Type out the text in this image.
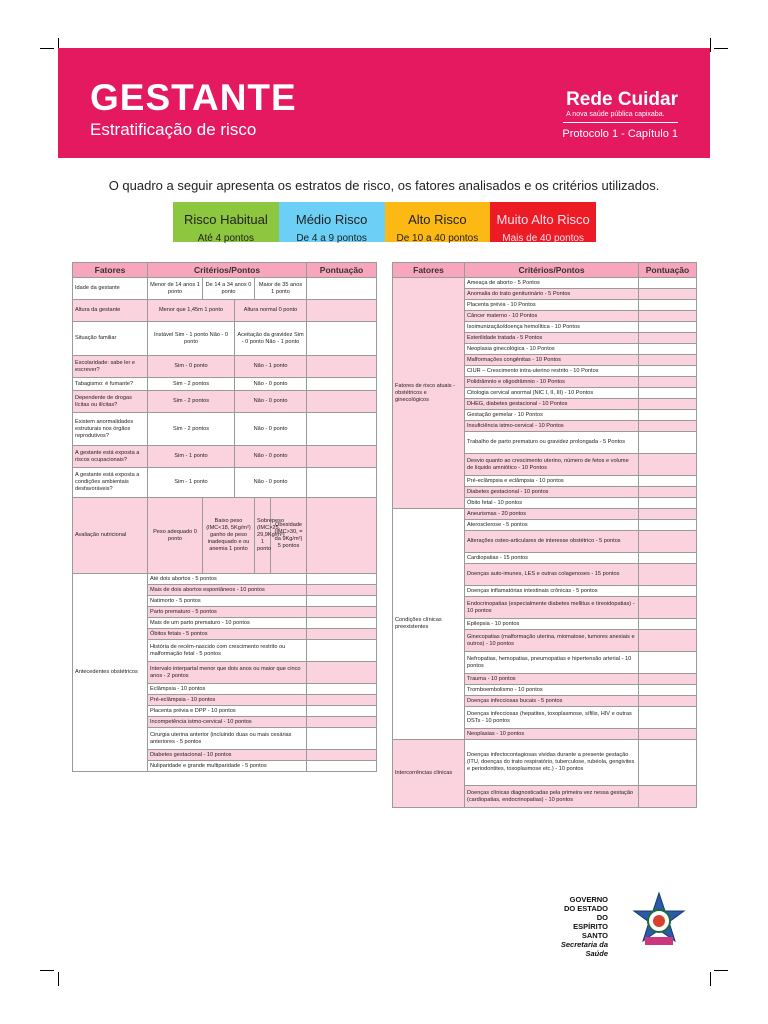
GESTANTE
Estratificação de risco
Rede Cuidar
A nova saúde pública capixaba.
Protocolo 1 - Capítulo 1
O quadro a seguir apresenta os estratos de risco, os fatores analisados e os critérios utilizados.
Risco Habitual
Até 4 pontos
Médio Risco
De 4 a 9 pontos
Alto Risco
De 10 a 40 pontos
Muito Alto Risco
Mais de 40 pontos
Fatores	Critérios/Pontos					Pontuação
Idade da gestante	Menor de 14 anos 1 ponto	De 14 a 34 anos 0 ponto		Maior de 35 anos 1 ponto		
Altura da gestante	Menor que 1,45m 1 ponto		Altura normal 0 ponto			
Situação familiar	Instável Sim - 1 ponto Não - 0 ponto		Aceitação da gravidez Sim - 0 ponto Não - 1 ponto			
Escolaridade: sabe ler e escrever?	Sim - 0 ponto		Não - 1 ponto			
Tabagismo: é fumante?	Sim - 2 pontos		Não - 0 ponto			
Dependente de drogas lícitas ou ilícitas?	Sim - 2 pontos		Não - 0 ponto			
Existem anormalidades estruturais nos órgãos reprodutivos?	Sim - 2 pontos		Não - 0 ponto			
A gestante está exposta a riscos ocupacionais?	Sim - 1 ponto		Não - 0 ponto			
A gestante está exposta a condições ambientais desfavoráveis?	Sim - 1 ponto		Não - 0 ponto			
Avaliação nutricional	Peso adequado 0 ponto	Baixo peso (IMC<18, 5Kg/m²) ganho de peso inadequado e ou anemia 1 ponto		Sobrepeso (IMC>25, 29,9Kg/m²) 1 ponto	Obesidade (IMC>30, = da 9Kg/m²) 5 pontos	
Antecedentes obstétricos	Até dois abortos - 5 pontos					
	Mais de dois abortos espontâneos - 10 pontos					
	Natimorto - 5 pontos					
	Parto prematuro - 5 pontos					
	Mais de um parto prematuro - 10 pontos					
	Óbitos fetais - 5 pontos					
	História de recém-nascido com crescimento restrito ou malformação fetal - 5 pontos					
	Intervalo interpartal menor que dois anos ou maior que cinco anos - 2 pontos					
	Eclâmpsia - 10 pontos					
	Pré-eclâmpsia - 10 pontos					
	Placenta prévia e DPP - 10 pontos					
	Incompetência istmo-cervical - 10 pontos					
	Cirurgia uterina anterior (incluindo duas ou mais cesárias anteriores - 5 pontos					
	Diabetes gestacional - 10 pontos					
	Nuliparidade e grande multiparidade - 5 pontos					
Fatores	Critérios/Pontos	Pontuação
Fatores de risco atuais - obstétricos e ginecológicos	Ameaça de aborto - 5 Pontos	
	Anomalia do trato geniturinário - 5 Pontos	
	Placenta prévia - 10 Pontos	
	Câncer materno - 10 Pontos	
	Isoimunização/doença hemolítica - 10 Pontos	
	Esterilidade tratada - 5 Pontos	
	Neoplasia ginecológica - 10 Pontos	
	Malformações congênitas - 10 Pontos	
	CIUR – Crescimento intra-uterino restrito - 10 Pontos	
	Polidrâmnio e oligodrâmnio - 10 Pontos	
	Citologia cervical anormal (NIC I, II, III) - 10 Pontos	
	DHEG, diabetes gestacional - 10 Pontos	
	Gestação gemelar - 10 Pontos	
	Insuficiência istmo-cervical - 10 Pontos	
	Trabalho de parto prematuro ou gravidez prolongada - 5 Pontos	
	Desvio quanto ao crescimento uterino, número de fetos e volume de líquido amniótico - 10 Pontos	
	Pré-eclâmpsia e eclâmpsia - 10 pontos	
	Diabetes gestacional - 10 pontos	
	Óbito fetal - 10 pontos	
Condições clínicas preexistentes	Aneurismas - 20 pontos	
	Aterosclerose - 5 pontos	
	Alterações osteo-articulares de interesse obstétrico - 5 pontos	
	Cardiopatias - 15 pontos	
	Doenças auto-imunes, LES e outras colagenoses - 15 pontos	
	Doenças inflamatórias intestinais crônicas - 5 pontos	
	Endocrinopatias (especialmente diabetes mellitus e tireoidopatias) - 10 pontos	
	Epilepsia - 10 pontos	
	Ginecopatias (malformação uterina, miomatose, tumores anexiais e outros) - 10 pontos	
	Nefropatias, hemopatias, pneumopatias e hipertensão arterial - 10 pontos	
	Trauma - 10 pontos	
	Tromboembolismo - 10 pontos	
	Doenças infecciosas bucais - 5 pontos	
	Doenças infecciosas (hepatites, toxoplasmose, sífilis, HIV e outras DSTs - 10 pontos	
	Neoplasias - 10 pontos	
Intercorrências clínicas	Doenças infectocontagiosas vividas durante a presente gestação (ITU, doenças do trato respiratório, tuberculose, rubéola, gengivites e periodontites, toxoplasmose etc.) - 10 pontos	
	Doenças clínicas diagnosticadas pela primeira vez nessa gestação (cardiopatias, endocrinopatias) - 10 pontos	
GOVERNO DO ESTADO
DO ESPÍRITO SANTO
Secretaria da Saúde
